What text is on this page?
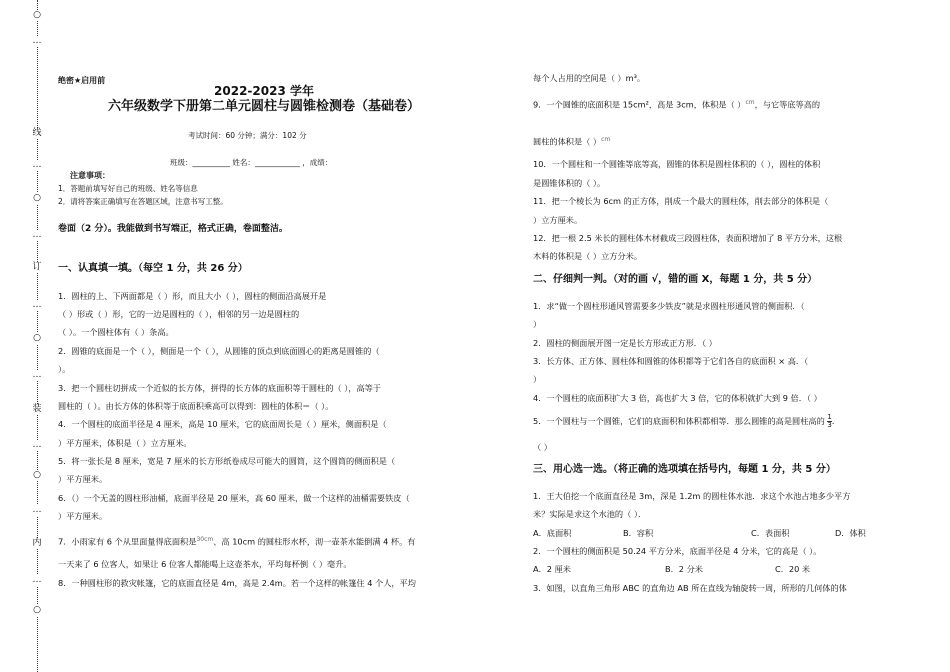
○
…
线
…
○
…
订
…
○
…
装
…
○
…
内
…
○
绝密★启用前
2022-2023 学年
六年级数学下册第二单元圆柱与圆锥检测卷（基础卷）
考试时间：60 分钟；满分：102 分
班级：__________ 姓名：____________ ，成绩：
注意事项：
1．答题前填写好自己的班级、姓名等信息
2．请将答案正确填写在答题区域，注意书写工整。
卷面（2 分）。我能做到书写端正，格式正确，卷面整洁。
一、认真填一填。（每空 1 分，共 26 分）
1．圆柱的上、下两面都是（ ）形，而且大小（ ），圆柱的侧面沿高展开是
（ ）形或（ ）形，它的一边是圆柱的（ ），相邻的另一边是圆柱的
（ ）。一个圆柱体有（ ）条高。
2．圆锥的底面是一个（ ），侧面是一个（ ），从圆锥的顶点到底面圆心的距离是圆锥的（
）。
3．把一个圆柱切拼成一个近似的长方体，拼得的长方体的底面积等于圆柱的（ ），高等于
圆柱的（ ）。由长方体的体积等于底面积乘高可以得到：圆柱的体积＝（ ）。
4．一个圆柱的底面半径是 4 厘米，高是 10 厘米，它的底面周长是（ ）厘米，侧面积是（
）平方厘米，体积是（ ）立方厘米。
5．将一张长是 8 厘米，宽是 7 厘米的长方形纸卷成尽可能大的圆筒，这个圆筒的侧面积是（
）平方厘米。
6．（）一个无盖的圆柱形油桶，底面半径是 20 厘米，高 60 厘米，做一个这样的油桶需要铁皮（
）平方厘米。
7．小雨家有 6 个从里面量得底面积是$^{30cm}$、高 10cm 的圆柱形水杯，沏一壶茶水能倒满 4 杯。有
一天来了 6 位客人，如果让 6 位客人都能喝上这壶茶水，平均每杯倒（ ）毫升。
8．一种圆柱形的救灾帐篷，它的底面直径是 4m，高是 2.4m。若一个这样的帐篷住 4 个人，平均
每个人占用的空间是（ ）m³。
9．一个圆锥的底面积是 15cm²，高是 3cm，体积是（ ）$^{cm}$，与它等底等高的
圆柱的体积是（ ）$^{cm}$
10．一个圆柱和一个圆锥等底等高，圆锥的体积是圆柱体积的（ ），圆柱的体积
是圆锥体积的（ ）。
11．把一个棱长为 6cm 的正方体，削成一个最大的圆柱体，削去部分的体积是（
）立方厘米。
12．把一根 2.5 米长的圆柱体木材截成三段圆柱体，表面积增加了 8 平方分米，这根
木料的体积是（ ）立方分米。
二、仔细判一判。（对的画 √，错的画 X，每题 1 分，共 5 分）
1．求“做一个圆柱形通风管需要多少铁皮”就是求圆柱形通风管的侧面积．（
）
2．圆柱的侧面展开图一定是长方形或正方形．（ ）
3．长方体、正方体、圆柱体和圆锥的体积都等于它们各自的底面积 × 高．（
）
4．一个圆柱的底面积扩大 3 倍，高也扩大 3 倍，它的体积就扩大到 9 倍．（ ）
5．一个圆柱与一个圆锥，它们的底面积和体积都相等．那么圆锥的高是圆柱高的 $\frac{1}{3}$ ．
（ ）
三、用心选一选。（将正确的选项填在括号内，每题 1 分，共 5 分）
1．王大伯挖一个底面直径是 3m，深是 1.2m 的圆柱体水池．求这个水池占地多少平方
米？实际是求这个水池的（ ）．
A．底面积	B．容积	C．表面积	D．体积
2．一个圆柱的侧面积是 50.24 平方分米，底面半径是 4 分米，它的高是（ ）。
A．2 厘米	B．2 分米	C．20 米
3．如图，以直角三角形 ABC 的直角边 AB 所在直线为轴旋转一周，所形的几何体的体
